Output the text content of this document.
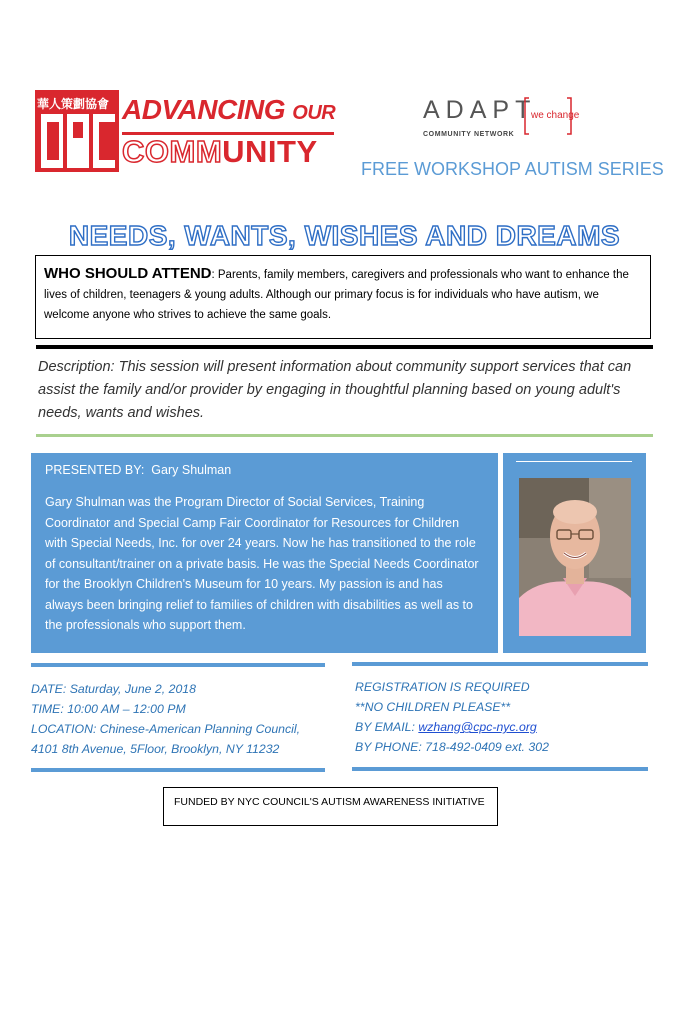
華人策劃協會 ADVANCING OUR
COMMUNITY
ADAPT
COMMUNITY NETWORK
we change
FREE WORKSHOP AUTISM SERIES
NEEDS, WANTS, WISHES AND DREAMS
WHO SHOULD ATTEND: Parents, family members, caregivers and professionals who want to enhance the lives of children, teenagers & young adults. Although our primary focus is for individuals who have autism, we welcome anyone who strives to achieve the same goals.
Description: This session will present information about community support services that can assist the family and/or provider by engaging in thoughtful planning based on young adult's needs, wants and wishes.
PRESENTED BY: Gary Shulman
Gary Shulman was the Program Director of Social Services, Training Coordinator and Special Camp Fair Coordinator for Resources for Children with Special Needs, Inc. for over 24 years. Now he has transitioned to the role of consultant/trainer on a private basis. He was the Special Needs Coordinator for the Brooklyn Children's Museum for 10 years. My passion is and has always been bringing relief to families of children with disabilities as well as to the professionals who support them.
DATE: Saturday, June 2, 2018
TIME: 10:00 AM – 12:00 PM
LOCATION: Chinese-American Planning Council,
4101 8th Avenue, 5Floor, Brooklyn, NY 11232
REGISTRATION IS REQUIRED
**NO CHILDREN PLEASE**
BY EMAIL: wzhang@cpc-nyc.org
BY PHONE: 718-492-0409 ext. 302
FUNDED BY NYC COUNCIL'S AUTISM AWARENESS INITIATIVE
